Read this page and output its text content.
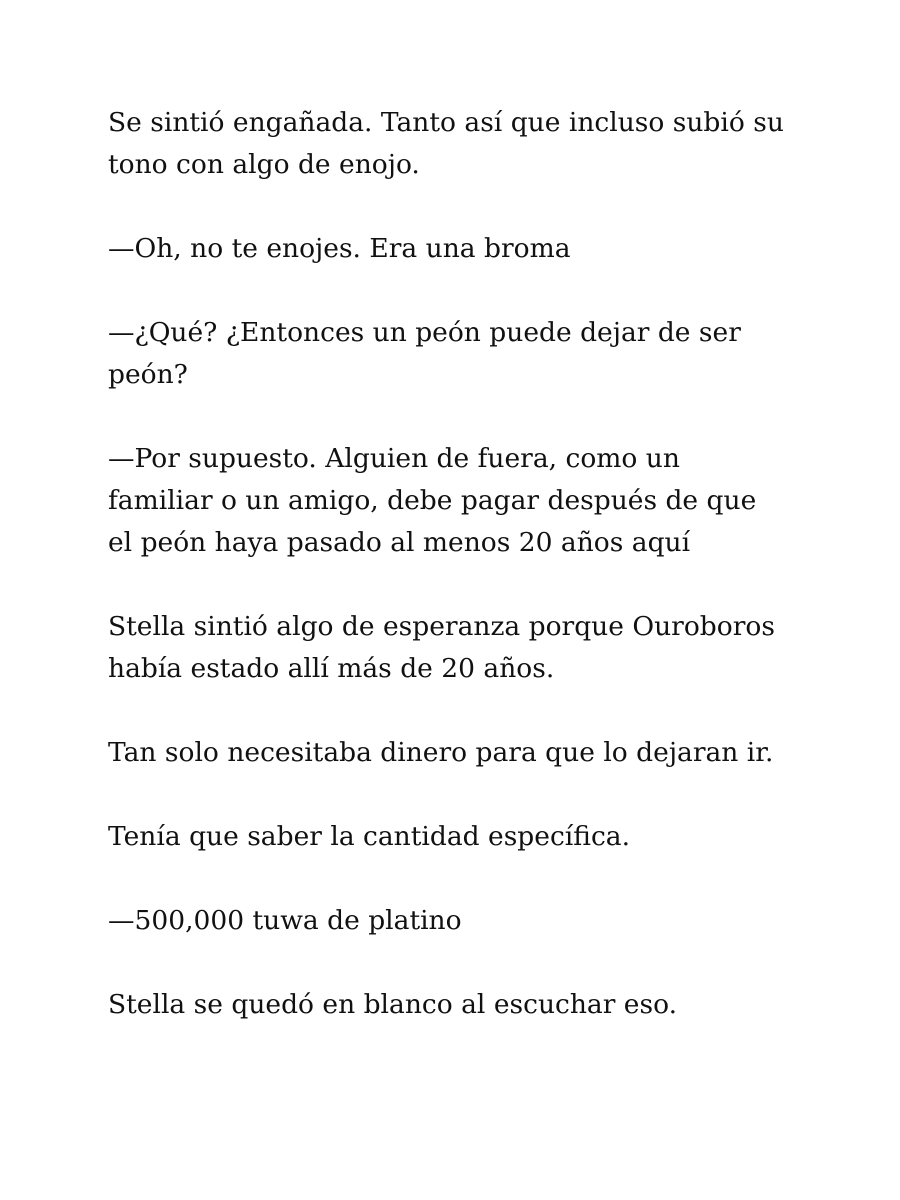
Se sintió engañada. Tanto así que incluso subió su tono con algo de enojo.

—Oh, no te enojes. Era una broma

—¿Qué? ¿Entonces un peón puede dejar de ser peón?

—Por supuesto. Alguien de fuera, como un familiar o un amigo, debe pagar después de que el peón haya pasado al menos 20 años aquí

Stella sintió algo de esperanza porque Ouroboros había estado allí más de 20 años.

Tan solo necesitaba dinero para que lo dejaran ir.

Tenía que saber la cantidad específica.

—500,000 tuwa de platino

Stella se quedó en blanco al escuchar eso.
